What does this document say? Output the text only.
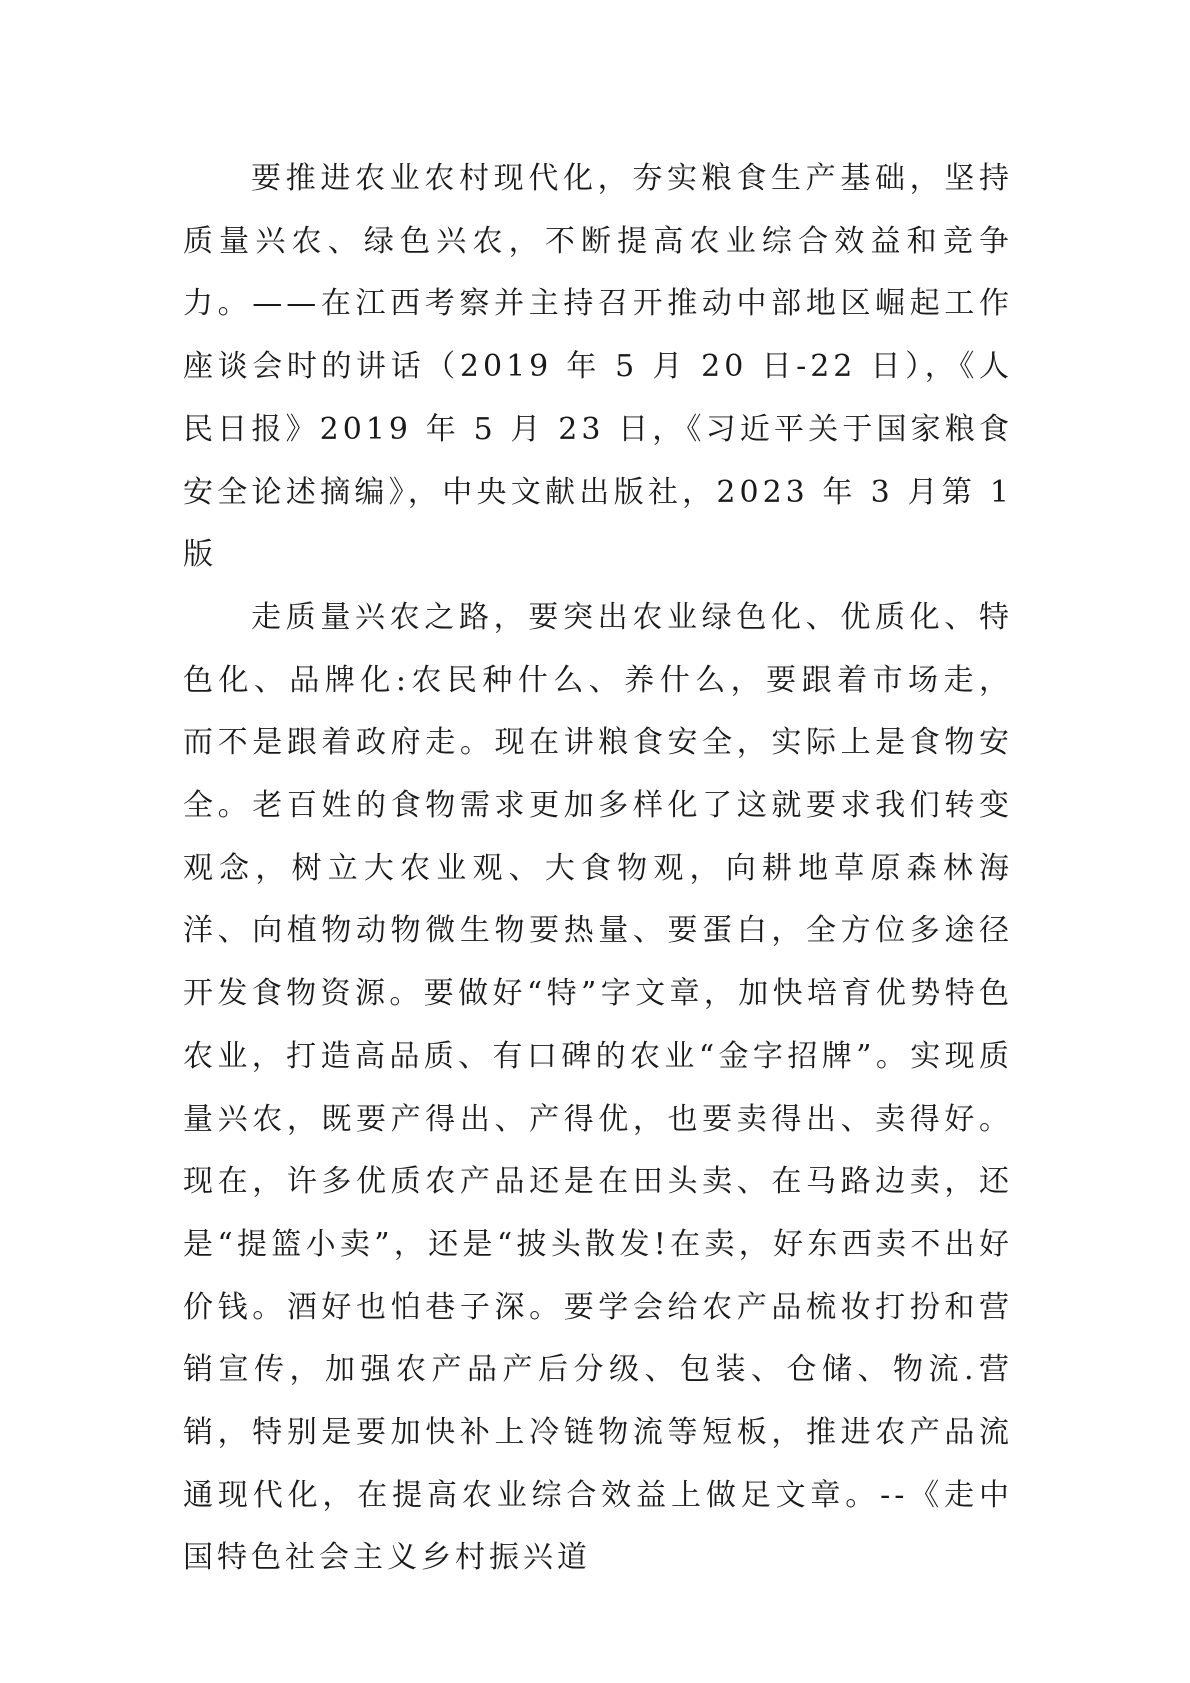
要推进农业农村现代化，夯实粮食生产基础，坚持质量兴农、绿色兴农，不断提高农业综合效益和竞争力。——在江西考察并主持召开推动中部地区崛起工作座谈会时的讲话（2019 年 5 月 20 日-22 日），《人民日报》2019 年 5 月 23 日，《习近平关于国家粮食安全论述摘编》，中央文献出版社，2023 年 3 月第 1 版

走质量兴农之路，要突出农业绿色化、优质化、特色化、品牌化:农民种什么、养什么，要跟着市场走，而不是跟着政府走。现在讲粮食安全，实际上是食物安全。老百姓的食物需求更加多样化了这就要求我们转变观念，树立大农业观、大食物观，向耕地草原森林海洋、向植物动物微生物要热量、要蛋白，全方位多途径开发食物资源。要做好“特”字文章，加快培育优势特色农业，打造高品质、有口碑的农业“金字招牌”。实现质量兴农，既要产得出、产得优，也要卖得出、卖得好。现在，许多优质农产品还是在田头卖、在马路边卖，还是“提篮小卖”，还是“披头散发!在卖，好东西卖不出好价钱。酒好也怕巷子深。要学会给农产品梳妆打扮和营销宣传，加强农产品产后分级、包装、仓储、物流.营销，特别是要加快补上冷链物流等短板，推进农产品流通现代化，在提高农业综合效益上做足文章。--《走中国特色社会主义乡村振兴道
